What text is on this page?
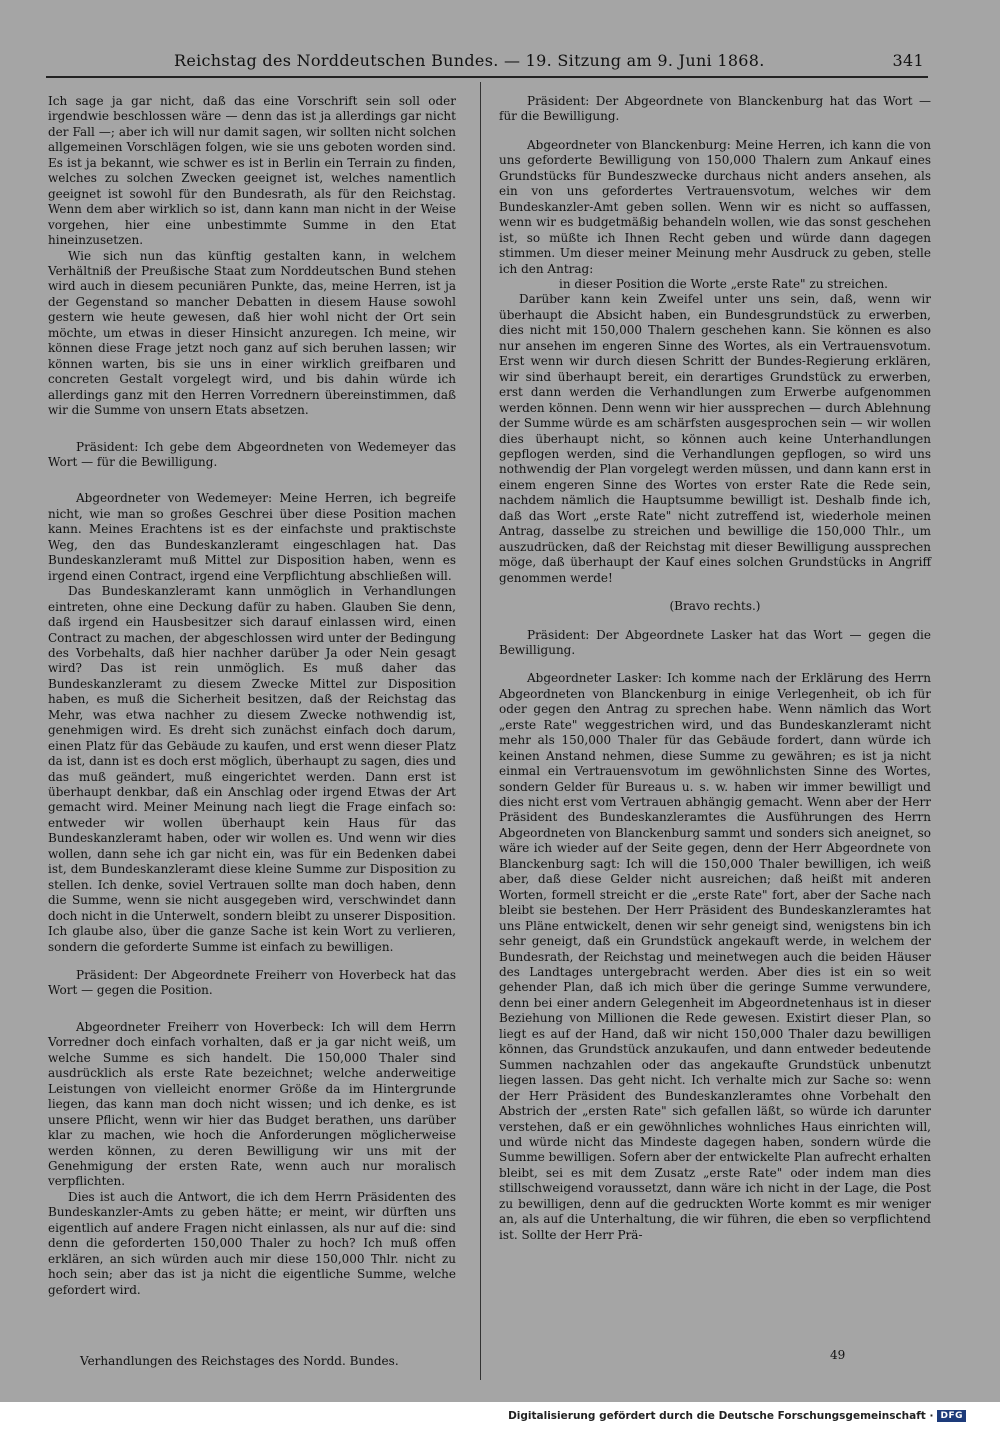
Reichstag des Norddeutschen Bundes. — 19. Sitzung am 9. Juni 1868.	341

Ich sage ja gar nicht, daß das eine Vorschrift sein soll oder irgendwie beschlossen wäre — denn das ist ja allerdings gar nicht der Fall —; aber ich will nur damit sagen, wir sollten nicht solchen allgemeinen Vorschlägen folgen, wie sie uns geboten worden sind. Es ist ja bekannt, wie schwer es ist in Berlin ein Terrain zu finden, welches zu solchen Zwecken geeignet ist, welches namentlich geeignet ist sowohl für den Bundesrath, als für den Reichstag. Wenn dem aber wirklich so ist, dann kann man nicht in der Weise vorgehen, hier eine unbestimmte Summe in den Etat hineinzusetzen.

Wie sich nun das künftig gestalten kann, in welchem Verhältniß der Preußische Staat zum Norddeutschen Bund stehen wird auch in diesem pecuniären Punkte, das, meine Herren, ist ja der Gegenstand so mancher Debatten in diesem Hause sowohl gestern wie heute gewesen, daß hier wohl nicht der Ort sein möchte, um etwas in dieser Hinsicht anzuregen. Ich meine, wir können diese Frage jetzt noch ganz auf sich beruhen lassen; wir können warten, bis sie uns in einer wirklich greifbaren und concreten Gestalt vorgelegt wird, und bis dahin würde ich allerdings ganz mit den Herren Vorrednern übereinstimmen, daß wir die Summe von unsern Etats absetzen.

Präsident: Ich gebe dem Abgeordneten von Wedemeyer das Wort — für die Bewilligung.

Abgeordneter von Wedemeyer: Meine Herren, ich begreife nicht, wie man so großes Geschrei über diese Position machen kann. Meines Erachtens ist es der einfachste und praktischste Weg, den das Bundeskanzleramt eingeschlagen hat. Das Bundeskanzleramt muß Mittel zur Disposition haben, wenn es irgend einen Contract, irgend eine Verpflichtung abschließen will.

Das Bundeskanzleramt kann unmöglich in Verhandlungen eintreten, ohne eine Deckung dafür zu haben. Glauben Sie denn, daß irgend ein Hausbesitzer sich darauf einlassen wird, einen Contract zu machen, der abgeschlossen wird unter der Bedingung des Vorbehalts, daß hier nachher darüber Ja oder Nein gesagt wird? Das ist rein unmöglich. Es muß daher das Bundeskanzleramt zu diesem Zwecke Mittel zur Disposition haben, es muß die Sicherheit besitzen, daß der Reichstag das Mehr, was etwa nachher zu diesem Zwecke nothwendig ist, genehmigen wird. Es dreht sich zunächst einfach doch darum, einen Platz für das Gebäude zu kaufen, und erst wenn dieser Platz da ist, dann ist es doch erst möglich, überhaupt zu sagen, dies und das muß geändert, muß eingerichtet werden. Dann erst ist überhaupt denkbar, daß ein Anschlag oder irgend Etwas der Art gemacht wird. Meiner Meinung nach liegt die Frage einfach so: entweder wir wollen überhaupt kein Haus für das Bundeskanzleramt haben, oder wir wollen es. Und wenn wir dies wollen, dann sehe ich gar nicht ein, was für ein Bedenken dabei ist, dem Bundeskanzleramt diese kleine Summe zur Disposition zu stellen. Ich denke, soviel Vertrauen sollte man doch haben, denn die Summe, wenn sie nicht ausgegeben wird, verschwindet dann doch nicht in die Unterwelt, sondern bleibt zu unserer Disposition. Ich glaube also, über die ganze Sache ist kein Wort zu verlieren, sondern die geforderte Summe ist einfach zu bewilligen.

Präsident: Der Abgeordnete Freiherr von Hoverbeck hat das Wort — gegen die Position.

Abgeordneter Freiherr von Hoverbeck: Ich will dem Herrn Vorredner doch einfach vorhalten, daß er ja gar nicht weiß, um welche Summe es sich handelt. Die 150,000 Thaler sind ausdrücklich als erste Rate bezeichnet; welche anderweitige Leistungen von vielleicht enormer Größe da im Hintergrunde liegen, das kann man doch nicht wissen; und ich denke, es ist unsere Pflicht, wenn wir hier das Budget berathen, uns darüber klar zu machen, wie hoch die Anforderungen möglicherweise werden können, zu deren Bewilligung wir uns mit der Genehmigung der ersten Rate, wenn auch nur moralisch verpflichten.

Dies ist auch die Antwort, die ich dem Herrn Präsidenten des Bundeskanzler-Amts zu geben hätte; er meint, wir dürften uns eigentlich auf andere Fragen nicht einlassen, als nur auf die: sind denn die geforderten 150,000 Thaler zu hoch? Ich muß offen erklären, an sich würden auch mir diese 150,000 Thlr. nicht zu hoch sein; aber das ist ja nicht die eigentliche Summe, welche gefordert wird.

Präsident: Der Abgeordnete von Blanckenburg hat das Wort — für die Bewilligung.

Abgeordneter von Blanckenburg: Meine Herren, ich kann die von uns geforderte Bewilligung von 150,000 Thalern zum Ankauf eines Grundstücks für Bundeszwecke durchaus nicht anders ansehen, als ein von uns gefordertes Vertrauensvotum, welches wir dem Bundeskanzler-Amt geben sollen. Wenn wir es nicht so auffassen, wenn wir es budgetmäßig behandeln wollen, wie das sonst geschehen ist, so müßte ich Ihnen Recht geben und würde dann dagegen stimmen. Um dieser meiner Meinung mehr Ausdruck zu geben, stelle ich den Antrag:

in dieser Position die Worte „erste Rate" zu streichen.

Darüber kann kein Zweifel unter uns sein, daß, wenn wir überhaupt die Absicht haben, ein Bundesgrundstück zu erwerben, dies nicht mit 150,000 Thalern geschehen kann. Sie können es also nur ansehen im engeren Sinne des Wortes, als ein Vertrauensvotum. Erst wenn wir durch diesen Schritt der Bundes-Regierung erklären, wir sind überhaupt bereit, ein derartiges Grundstück zu erwerben, erst dann werden die Verhandlungen zum Erwerbe aufgenommen werden können. Denn wenn wir hier aussprechen — durch Ablehnung der Summe würde es am schärfsten ausgesprochen sein — wir wollen dies überhaupt nicht, so können auch keine Unterhandlungen gepflogen werden, sind die Verhandlungen gepflogen, so wird uns nothwendig der Plan vorgelegt werden müssen, und dann kann erst in einem engeren Sinne des Wortes von erster Rate die Rede sein, nachdem nämlich die Hauptsumme bewilligt ist. Deshalb finde ich, daß das Wort „erste Rate" nicht zutreffend ist, wiederhole meinen Antrag, dasselbe zu streichen und bewillige die 150,000 Thlr., um auszudrücken, daß der Reichstag mit dieser Bewilligung aussprechen möge, daß überhaupt der Kauf eines solchen Grundstücks in Angriff genommen werde!

(Bravo rechts.)

Präsident: Der Abgeordnete Lasker hat das Wort — gegen die Bewilligung.

Abgeordneter Lasker: Ich komme nach der Erklärung des Herrn Abgeordneten von Blanckenburg in einige Verlegenheit, ob ich für oder gegen den Antrag zu sprechen habe. Wenn nämlich das Wort „erste Rate" weggestrichen wird, und das Bundeskanzleramt nicht mehr als 150,000 Thaler für das Gebäude fordert, dann würde ich keinen Anstand nehmen, diese Summe zu gewähren; es ist ja nicht einmal ein Vertrauensvotum im gewöhnlichsten Sinne des Wortes, sondern Gelder für Bureaus u. s. w. haben wir immer bewilligt und dies nicht erst vom Vertrauen abhängig gemacht. Wenn aber der Herr Präsident des Bundeskanzleramtes die Ausführungen des Herrn Abgeordneten von Blanckenburg sammt und sonders sich aneignet, so wäre ich wieder auf der Seite gegen, denn der Herr Abgeordnete von Blanckenburg sagt: Ich will die 150,000 Thaler bewilligen, ich weiß aber, daß diese Gelder nicht ausreichen; daß heißt mit anderen Worten, formell streicht er die „erste Rate" fort, aber der Sache nach bleibt sie bestehen. Der Herr Präsident des Bundeskanzleramtes hat uns Pläne entwickelt, denen wir sehr geneigt sind, wenigstens bin ich sehr geneigt, daß ein Grundstück angekauft werde, in welchem der Bundesrath, der Reichstag und meinetwegen auch die beiden Häuser des Landtages untergebracht werden. Aber dies ist ein so weit gehender Plan, daß ich mich über die geringe Summe verwundere, denn bei einer andern Gelegenheit im Abgeordnetenhaus ist in dieser Beziehung von Millionen die Rede gewesen. Existirt dieser Plan, so liegt es auf der Hand, daß wir nicht 150,000 Thaler dazu bewilligen können, das Grundstück anzukaufen, und dann entweder bedeutende Summen nachzahlen oder das angekaufte Grundstück unbenutzt liegen lassen. Das geht nicht. Ich verhalte mich zur Sache so: wenn der Herr Präsident des Bundeskanzleramtes ohne Vorbehalt den Abstrich der „ersten Rate" sich gefallen läßt, so würde ich darunter verstehen, daß er ein gewöhnliches wohnliches Haus einrichten will, und würde nicht das Mindeste dagegen haben, sondern würde die Summe bewilligen. Sofern aber der entwickelte Plan aufrecht erhalten bleibt, sei es mit dem Zusatz „erste Rate" oder indem man dies stillschweigend voraussetzt, dann wäre ich nicht in der Lage, die Post zu bewilligen, denn auf die gedruckten Worte kommt es mir weniger an, als auf die Unterhaltung, die wir führen, die eben so verpflichtend ist. Sollte der Herr Prä-

Verhandlungen des Reichstages des Nordd. Bundes.	49
Digitalisierung gefördert durch die Deutsche Forschungsgemeinschaft · DFG
